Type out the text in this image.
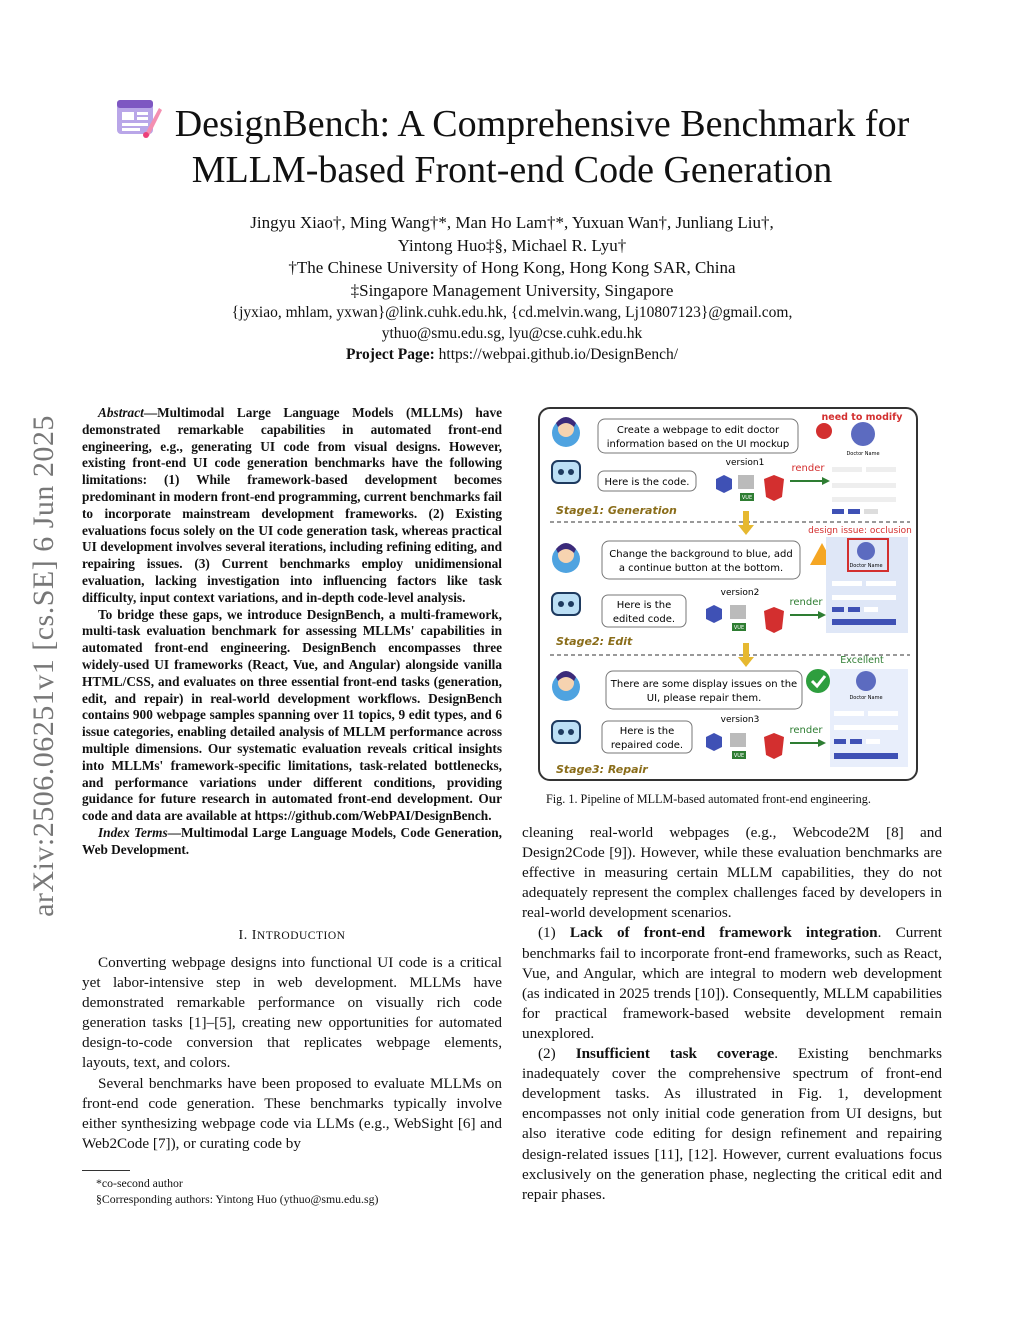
DesignBench: A Comprehensive Benchmark for
MLLM-based Front-end Code Generation
Jingyu Xiao†, Ming Wang†*, Man Ho Lam†*, Yuxuan Wan†, Junliang Liu†,
Yintong Huo‡§, Michael R. Lyu†
†The Chinese University of Hong Kong, Hong Kong SAR, China
‡Singapore Management University, Singapore
{jyxiao, mhlam, yxwan}@link.cuhk.edu.hk, {cd.melvin.wang, Lj10807123}@gmail.com,
ythuo@smu.edu.sg, lyu@cse.cuhk.edu.hk
Project Page: https://webpai.github.io/DesignBench/
arXiv:2506.06251v1 [cs.SE] 6 Jun 2025

Abstract—Multimodal Large Language Models (MLLMs) have demonstrated remarkable capabilities in automated front-end engineering, e.g., generating UI code from visual designs. However, existing front-end UI code generation benchmarks have the following limitations: (1) While framework-based development becomes predominant in modern front-end programming, current benchmarks fail to incorporate mainstream development frameworks. (2) Existing evaluations focus solely on the UI code generation task, whereas practical UI development involves several iterations, including refining editing, and repairing issues. (3) Current benchmarks employ unidimensional evaluation, lacking investigation into influencing factors like task difficulty, input context variations, and in-depth code-level analysis.

To bridge these gaps, we introduce DesignBench, a multi-framework, multi-task evaluation benchmark for assessing MLLMs' capabilities in automated front-end engineering. DesignBench encompasses three widely-used UI frameworks (React, Vue, and Angular) alongside vanilla HTML/CSS, and evaluates on three essential front-end tasks (generation, edit, and repair) in real-world development workflows. DesignBench contains 900 webpage samples spanning over 11 topics, 9 edit types, and 6 issue categories, enabling detailed analysis of MLLM performance across multiple dimensions. Our systematic evaluation reveals critical insights into MLLMs' framework-specific limitations, task-related bottlenecks, and performance variations under different conditions, providing guidance for future research in automated front-end development. Our code and data are available at https://github.com/WebPAI/DesignBench.

Index Terms—Multimodal Large Language Models, Code Generation, Web Development.

I. INTRODUCTION

Converting webpage designs into functional UI code is a critical yet labor-intensive step in web development. MLLMs have demonstrated remarkable performance on visually rich code generation tasks [1]–[5], creating new opportunities for automated design-to-code conversion that replicates webpage elements, layouts, text, and colors.

Several benchmarks have been proposed to evaluate MLLMs on front-end code generation. These benchmarks typically involve either synthesizing webpage code via LLMs (e.g., WebSight [6] and Web2Code [7]), or curating code by

*co-second author
§Corresponding authors: Yintong Huo (ythuo@smu.edu.sg)
Create a webpage to edit doctor
information based on the UI mockup
Here is the code.
version1
VUE
render
Doctor Name
need to modify
Stage1: Generation
design issue: occlusion
Change the background to blue, add
a continue button at the bottom.
Here is the
edited code.
version2
VUE
render
Doctor Name
Stage2: Edit
Excellent
There are some display issues on the
UI, please repair them.
Here is the
repaired code.
version3
VUE
render
Doctor Name
Stage3: Repair
Fig. 1. Pipeline of MLLM-based automated front-end engineering.

cleaning real-world webpages (e.g., Webcode2M [8] and Design2Code [9]). However, while these evaluation benchmarks are effective in measuring certain MLLM capabilities, they do not adequately represent the complex challenges faced by developers in real-world development scenarios.

(1) Lack of front-end framework integration. Current benchmarks fail to incorporate front-end frameworks, such as React, Vue, and Angular, which are integral to modern web development (as indicated in 2025 trends [10]). Consequently, MLLM capabilities for practical framework-based website development remain unexplored.

(2) Insufficient task coverage. Existing benchmarks inadequately cover the comprehensive spectrum of front-end development tasks. As illustrated in Fig. 1, development encompasses not only initial code generation from UI designs, but also iterative code editing for design refinement and repairing design-related issues [11], [12]. However, current evaluations focus exclusively on the generation phase, neglecting the critical edit and repair phases.
